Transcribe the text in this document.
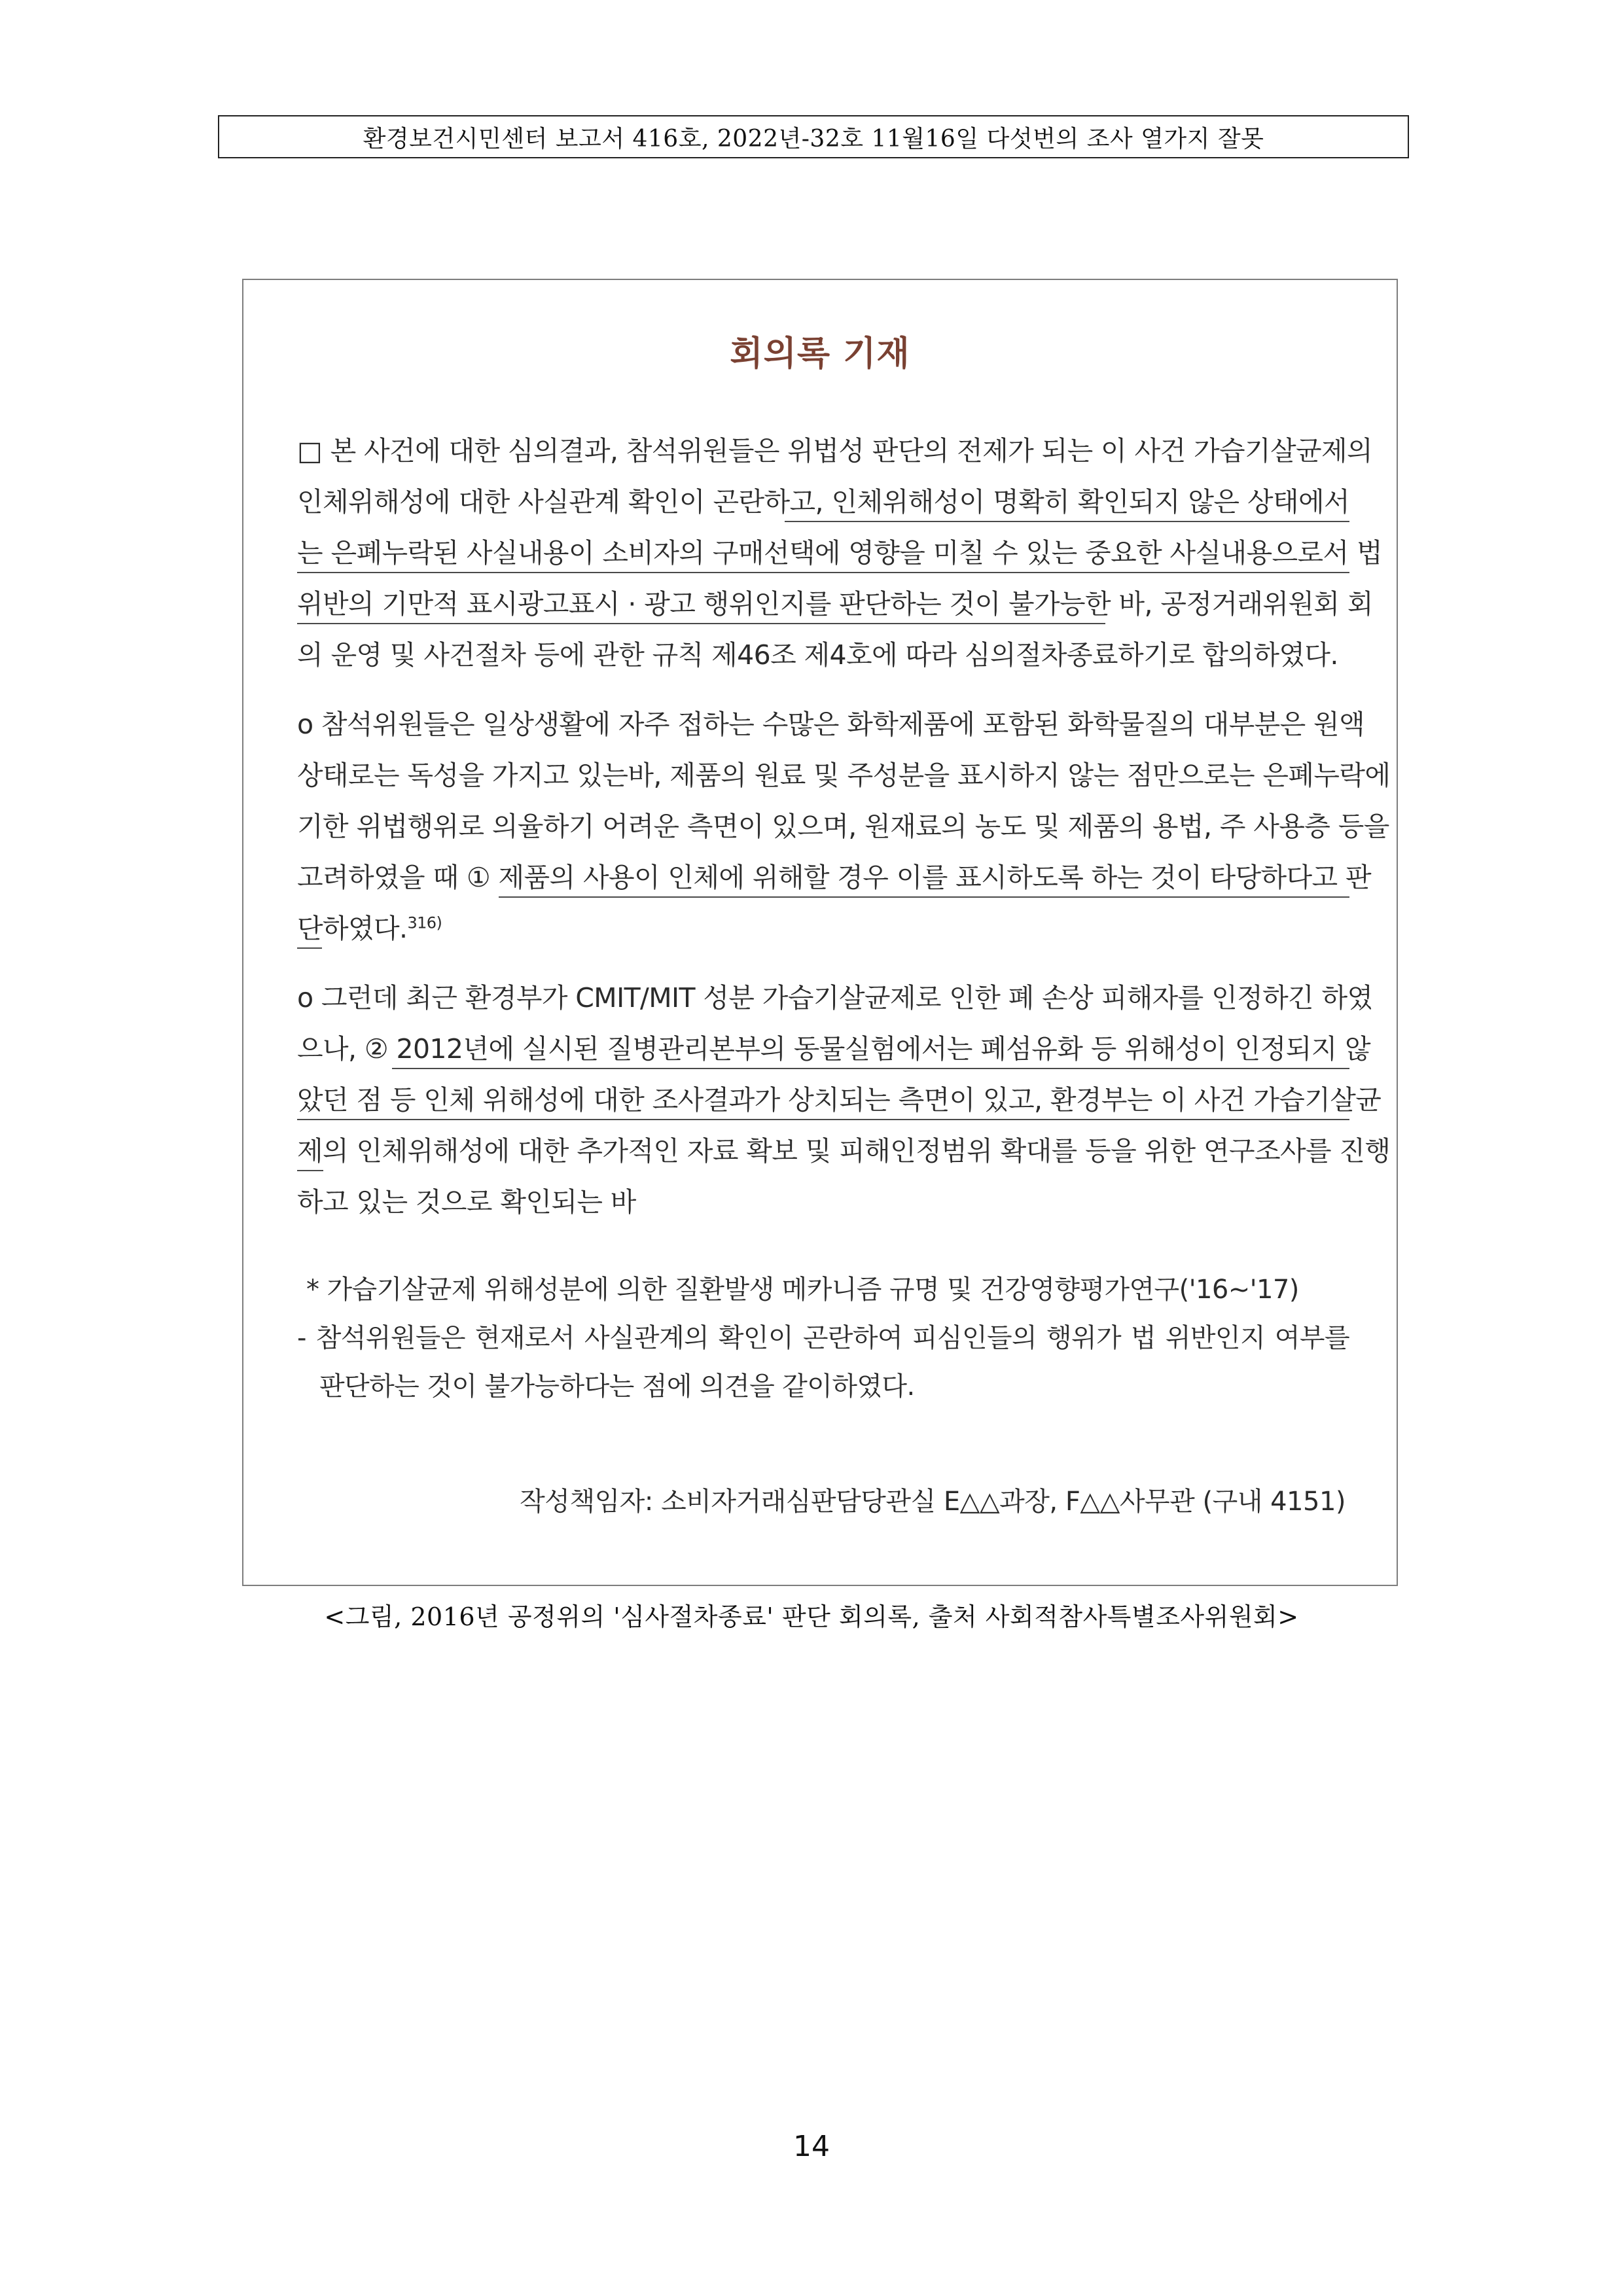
환경보건시민센터 보고서 416호, 2022년-32호 11월16일 다섯번의 조사 열가지 잘못
회의록 기재
□ 본 사건에 대한 심의결과, 참석위원들은 위법성 판단의 전제가 되는 이 사건 가습기살균제의
인체위해성에 대한 사실관계 확인이 곤란하고, 인체위해성이 명확히 확인되지 않은 상태에서
는 은폐누락된 사실내용이 소비자의 구매선택에 영향을 미칠 수 있는 중요한 사실내용으로서 법
위반의 기만적 표시광고표시 · 광고 행위인지를 판단하는 것이 불가능한 바, 공정거래위원회 회
의 운영 및 사건절차 등에 관한 규칙 제46조 제4호에 따라 심의절차종료하기로 합의하였다.
o 참석위원들은 일상생활에 자주 접하는 수많은 화학제품에 포함된 화학물질의 대부분은 원액
상태로는 독성을 가지고 있는바, 제품의 원료 및 주성분을 표시하지 않는 점만으로는 은폐누락에
기한 위법행위로 의율하기 어려운 측면이 있으며, 원재료의 농도 및 제품의 용법, 주 사용층 등을
고려하였을 때 ① 제품의 사용이 인체에 위해할 경우 이를 표시하도록 하는 것이 타당하다고 판
단하였다.$^{316)}$
o 그런데 최근 환경부가 CMIT/MIT 성분 가습기살균제로 인한 폐 손상 피해자를 인정하긴 하였
으나, ② 2012년에 실시된 질병관리본부의 동물실험에서는 폐섬유화 등 위해성이 인정되지 않
았던 점 등 인체 위해성에 대한 조사결과가 상치되는 측면이 있고, 환경부는 이 사건 가습기살균
제의 인체위해성에 대한 추가적인 자료 확보 및 피해인정범위 확대를 등을 위한 연구조사를 진행
하고 있는 것으로 확인되는 바
* 가습기살균제 위해성분에 의한 질환발생 메카니즘 규명 및 건강영향평가연구('16~'17)
- 참석위원들은 현재로서 사실관계의 확인이 곤란하여 피심인들의 행위가 법 위반인지 여부를
판단하는 것이 불가능하다는 점에 의견을 같이하였다.
작성책임자: 소비자거래심판담당관실 E△△과장, F△△사무관 (구내 4151)
<그림, 2016년 공정위의 '심사절차종료' 판단 회의록, 출처 사회적참사특별조사위원회>
14
